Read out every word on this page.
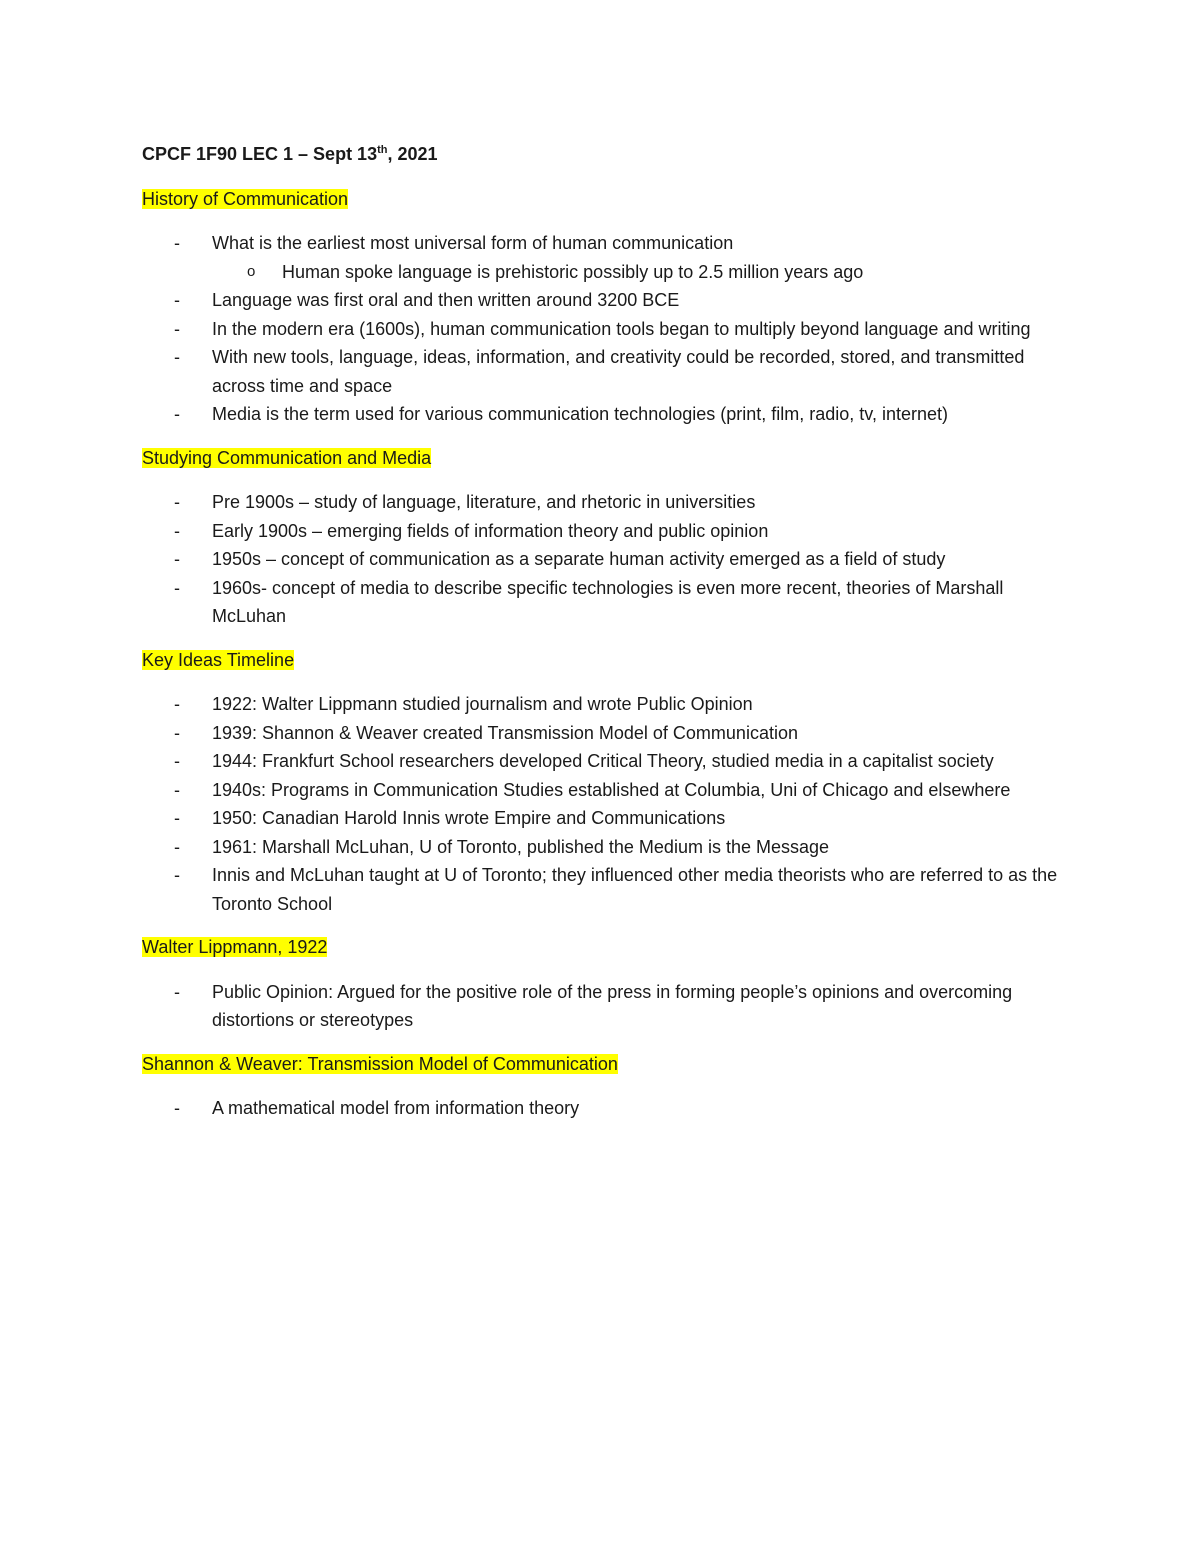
CPCF 1F90 LEC 1 – Sept 13th, 2021
History of Communication
- What is the earliest most universal form of human communication
o Human spoke language is prehistoric possibly up to 2.5 million years ago
- Language was first oral and then written around 3200 BCE
- In the modern era (1600s), human communication tools began to multiply beyond language and writing
- With new tools, language, ideas, information, and creativity could be recorded, stored, and transmitted across time and space
- Media is the term used for various communication technologies (print, film, radio, tv, internet)
Studying Communication and Media
- Pre 1900s – study of language, literature, and rhetoric in universities
- Early 1900s – emerging fields of information theory and public opinion
- 1950s – concept of communication as a separate human activity emerged as a field of study
- 1960s- concept of media to describe specific technologies is even more recent, theories of Marshall McLuhan
Key Ideas Timeline
- 1922: Walter Lippmann studied journalism and wrote Public Opinion
- 1939: Shannon & Weaver created Transmission Model of Communication
- 1944: Frankfurt School researchers developed Critical Theory, studied media in a capitalist society
- 1940s: Programs in Communication Studies established at Columbia, Uni of Chicago and elsewhere
- 1950: Canadian Harold Innis wrote Empire and Communications
- 1961: Marshall McLuhan, U of Toronto, published the Medium is the Message
- Innis and McLuhan taught at U of Toronto; they influenced other media theorists who are referred to as the Toronto School
Walter Lippmann, 1922
- Public Opinion: Argued for the positive role of the press in forming people’s opinions and overcoming distortions or stereotypes
Shannon & Weaver: Transmission Model of Communication
- A mathematical model from information theory
